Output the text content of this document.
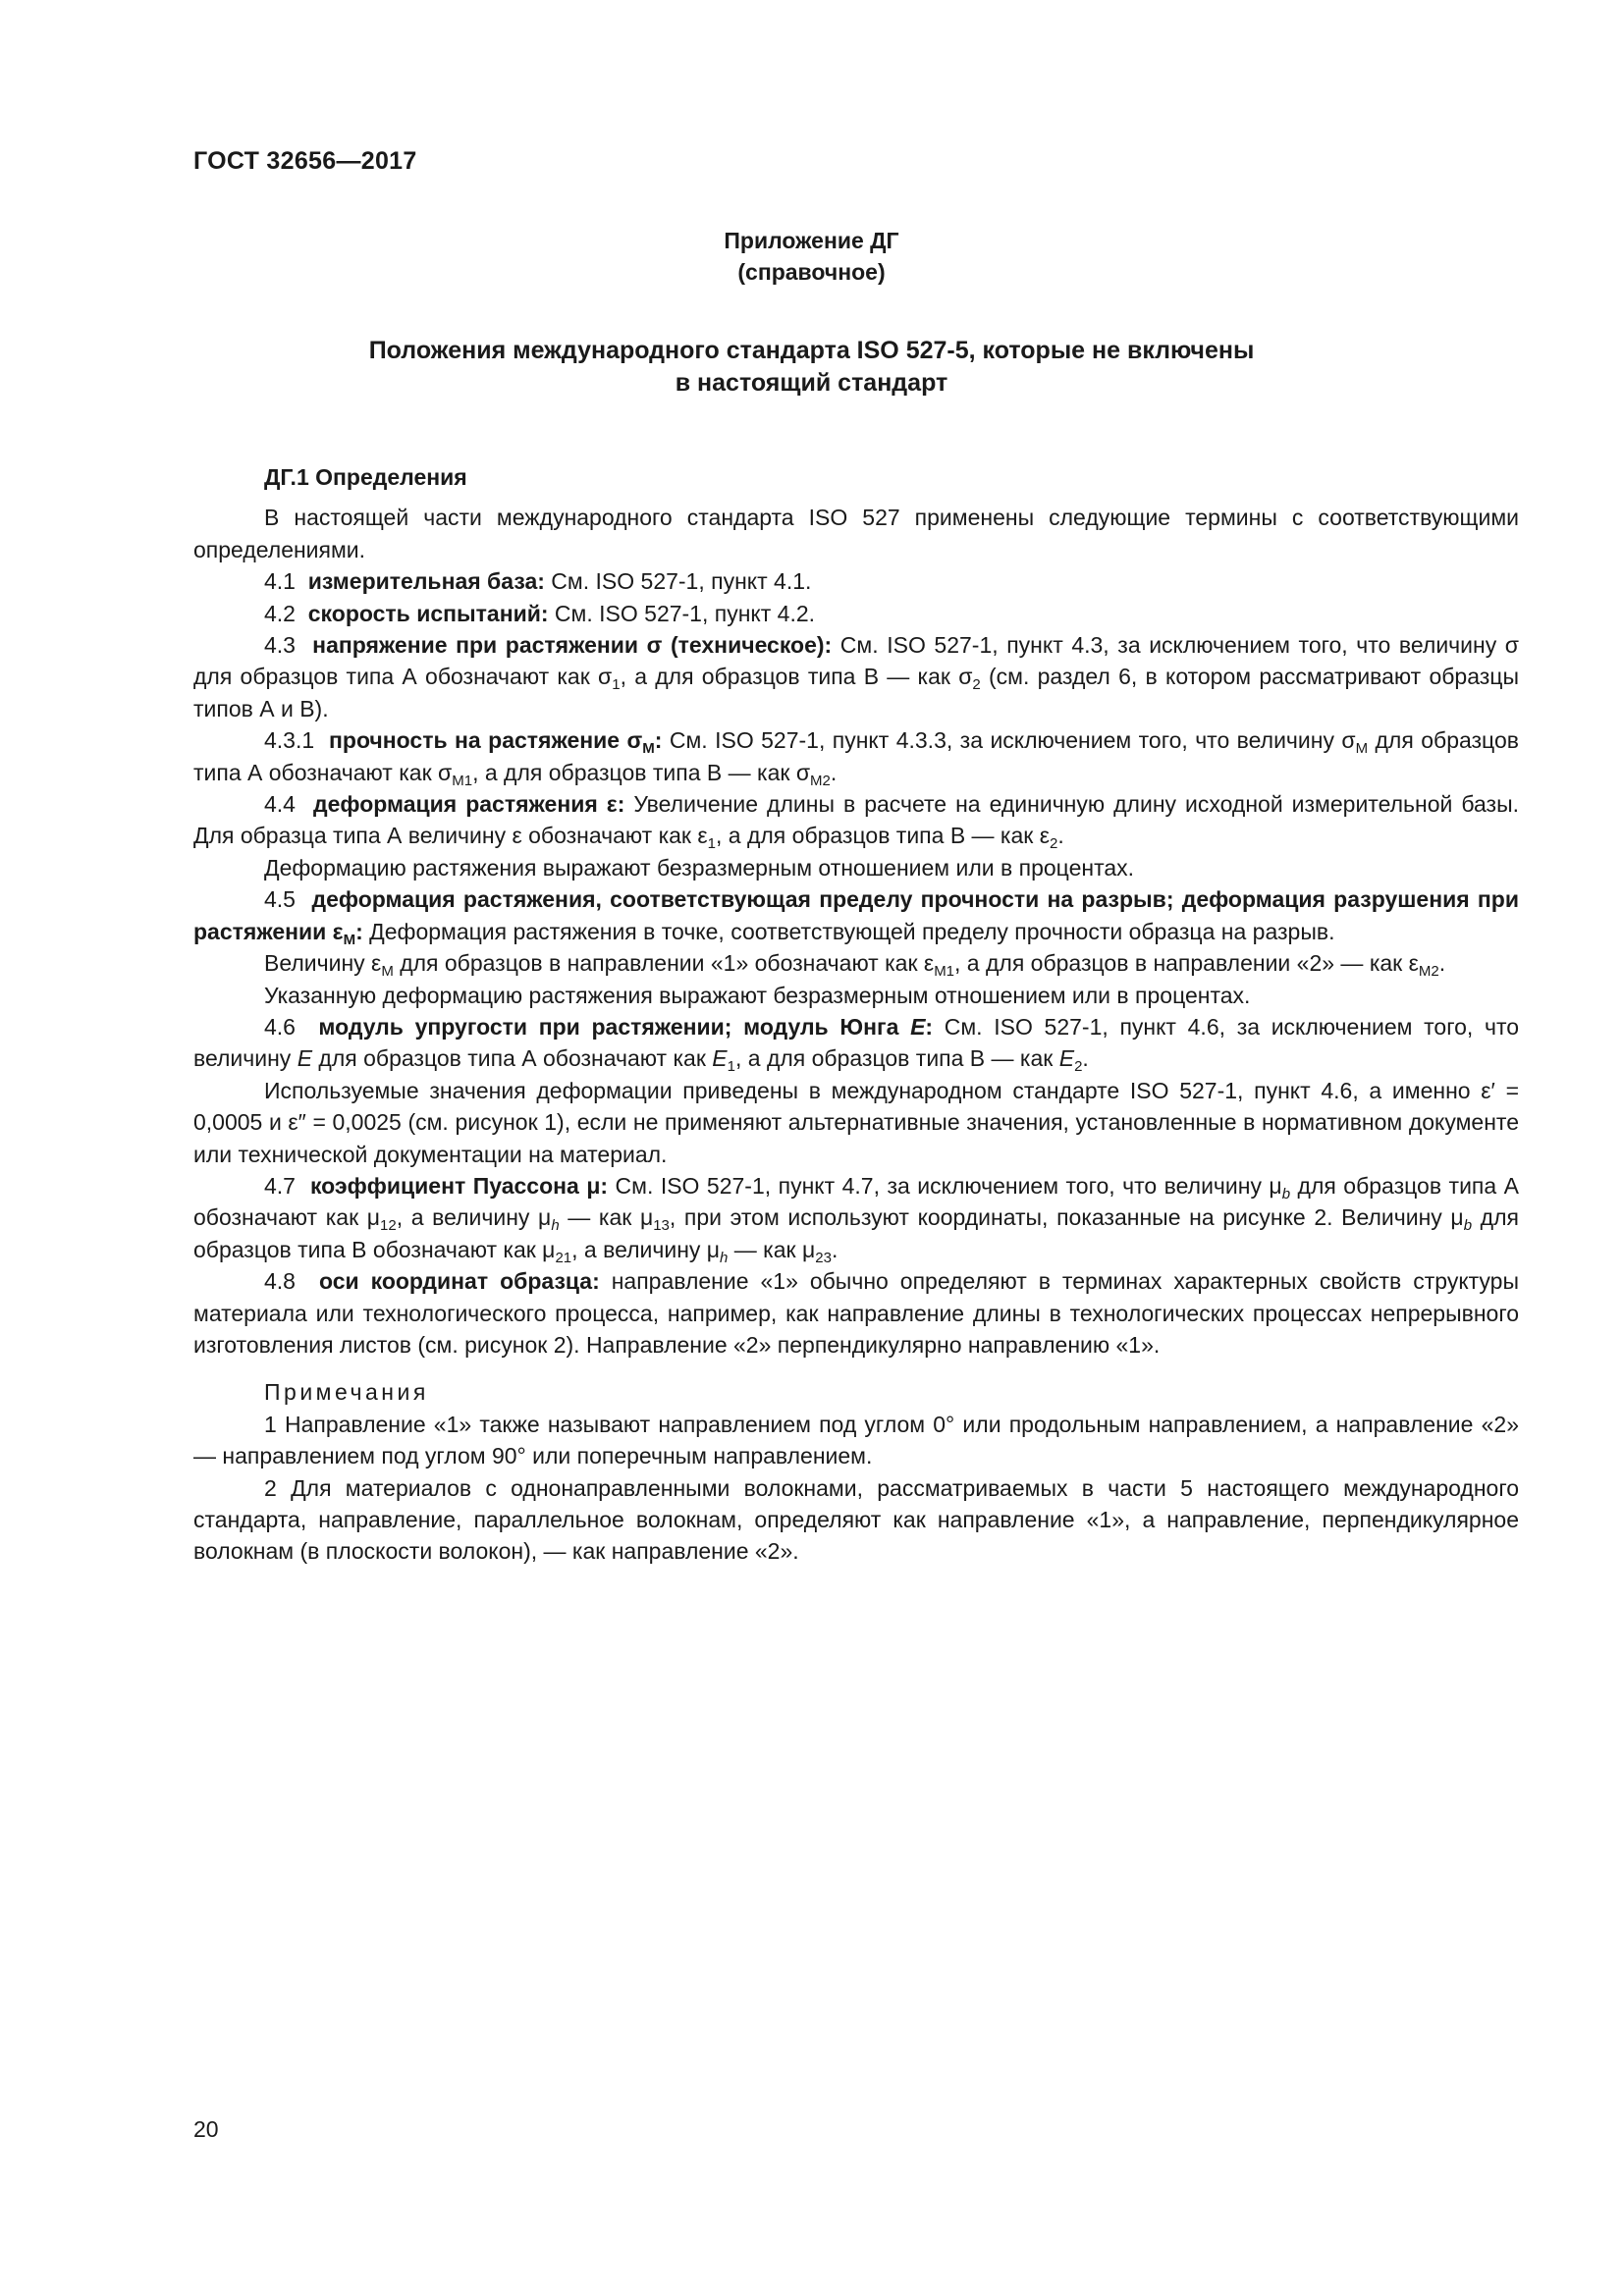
ГОСТ 32656—2017
Приложение ДГ
(справочное)
Положения международного стандарта ISO 527-5, которые не включены
в настоящий стандарт

ДГ.1 Определения

В настоящей части международного стандарта ISO 527 применены следующие термины с соответствующими определениями.

4.1 измерительная база: См. ISO 527-1, пункт 4.1.

4.2 скорость испытаний: См. ISO 527-1, пункт 4.2.

4.3 напряжение при растяжении σ (техническое): См. ISO 527-1, пункт 4.3, за исключением того, что величину σ для образцов типа А обозначают как $\sigma_1$, а для образцов типа В — как $\sigma_2$ (см. раздел 6, в котором рассматривают образцы типов А и В).

4.3.1 прочность на растяжение $\sigma_M$: См. ISO 527-1, пункт 4.3.3, за исключением того, что величину $\sigma_M$ для образцов типа А обозначают как $\sigma_{M1}$, а для образцов типа В — как $\sigma_{M2}$.

4.4 деформация растяжения ε: Увеличение длины в расчете на единичную длину исходной измерительной базы. Для образца типа А величину ε обозначают как $\varepsilon_1$, а для образцов типа В — как $\varepsilon_2$.

Деформацию растяжения выражают безразмерным отношением или в процентах.

4.5 деформация растяжения, соответствующая пределу прочности на разрыв; деформация разрушения при растяжении $\varepsilon_M$: Деформация растяжения в точке, соответствующей пределу прочности образца на разрыв.

Величину $\varepsilon_M$ для образцов в направлении «1» обозначают как $\varepsilon_{M1}$, а для образцов в направлении «2» — как $\varepsilon_{M2}$.

Указанную деформацию растяжения выражают безразмерным отношением или в процентах.

4.6 модуль упругости при растяжении; модуль Юнга E: См. ISO 527-1, пункт 4.6, за исключением того, что величину E для образцов типа А обозначают как $E_1$, а для образцов типа В — как $E_2$.

Используемые значения деформации приведены в международном стандарте ISO 527-1, пункт 4.6, а именно ε′ = 0,0005 и ε″ = 0,0025 (см. рисунок 1), если не применяют альтернативные значения, установленные в нормативном документе или технической документации на материал.

4.7 коэффициент Пуассона μ: См. ISO 527-1, пункт 4.7, за исключением того, что величину $\mu_b$ для образцов типа А обозначают как $\mu_{12}$, а величину $\mu_h$ — как $\mu_{13}$, при этом используют координаты, показанные на рисунке 2. Величину $\mu_b$ для образцов типа В обозначают как $\mu_{21}$, а величину $\mu_h$ — как $\mu_{23}$.

4.8 оси координат образца: направление «1» обычно определяют в терминах характерных свойств структуры материала или технологического процесса, например, как направление длины в технологических процессах непрерывного изготовления листов (см. рисунок 2). Направление «2» перпендикулярно направлению «1».

Примечания

1 Направление «1» также называют направлением под углом 0° или продольным направлением, а направление «2» — направлением под углом 90° или поперечным направлением.

2 Для материалов с однонаправленными волокнами, рассматриваемых в части 5 настоящего международного стандарта, направление, параллельное волокнам, определяют как направление «1», а направление, перпендикулярное волокнам (в плоскости волокон), — как направление «2».

20
